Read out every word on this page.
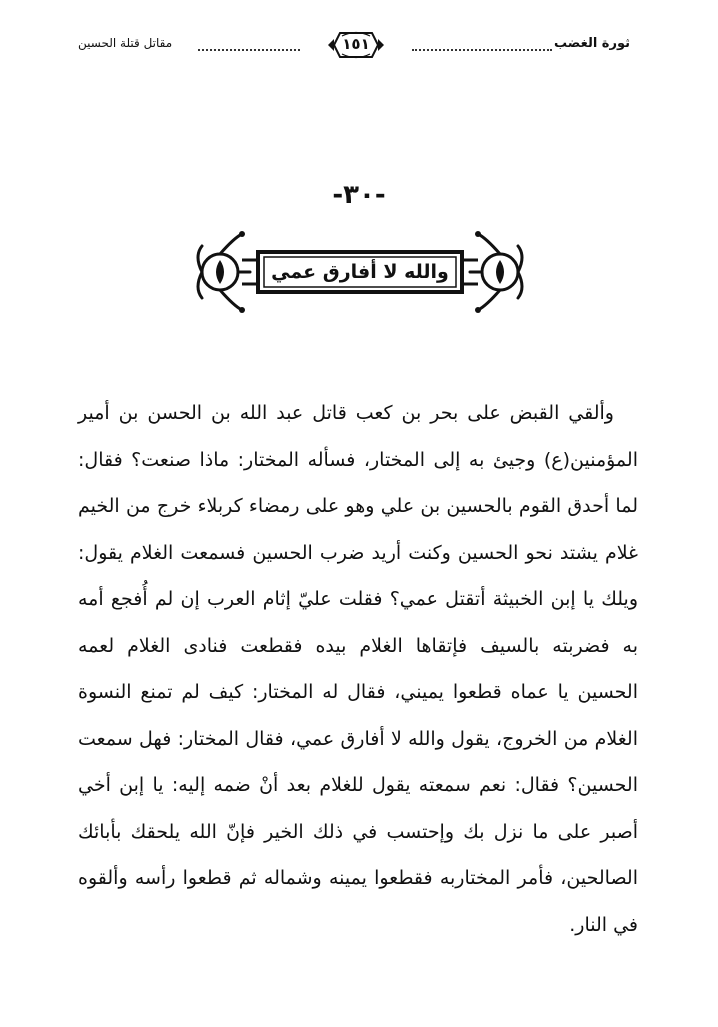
ثورة الغضب
١٥١
مقاتل قتلة الحسين
-٣٠-
والله لا أفارق عمي

وألقي القبض على بحر بن كعب قاتل عبد الله بن الحسن بن أمير المؤمنين(ع) وجيئ به إلى المختار، فسأله المختار: ماذا صنعت؟ فقال: لما أحدق القوم بالحسين بن علي وهو على رمضاء كربلاء خرج من الخيم غلام يشتد نحو الحسين وكنت أريد ضرب الحسين فسمعت الغلام يقول: ويلك يا إبن الخبيثة أتقتل عمي؟ فقلت عليّ إثام العرب إن لم أُفجع أمه به فضربته بالسيف فإتقاها الغلام بيده فقطعت فنادى الغلام لعمه الحسين يا عماه قطعوا يميني، فقال له المختار: كيف لم تمنع النسوة الغلام من الخروج، يقول والله لا أفارق عمي، فقال المختار: فهل سمعت الحسين؟ فقال: نعم سمعته يقول للغلام بعد أنْ ضمه إليه: يا إبن أخي أصبر على ما نزل بك وإحتسب في ذلك الخير فإنّ الله يلحقك بأبائك الصالحين، فأمر المختاربه فقطعوا يمينه وشماله ثم قطعوا رأسه وألقوه في النار.
